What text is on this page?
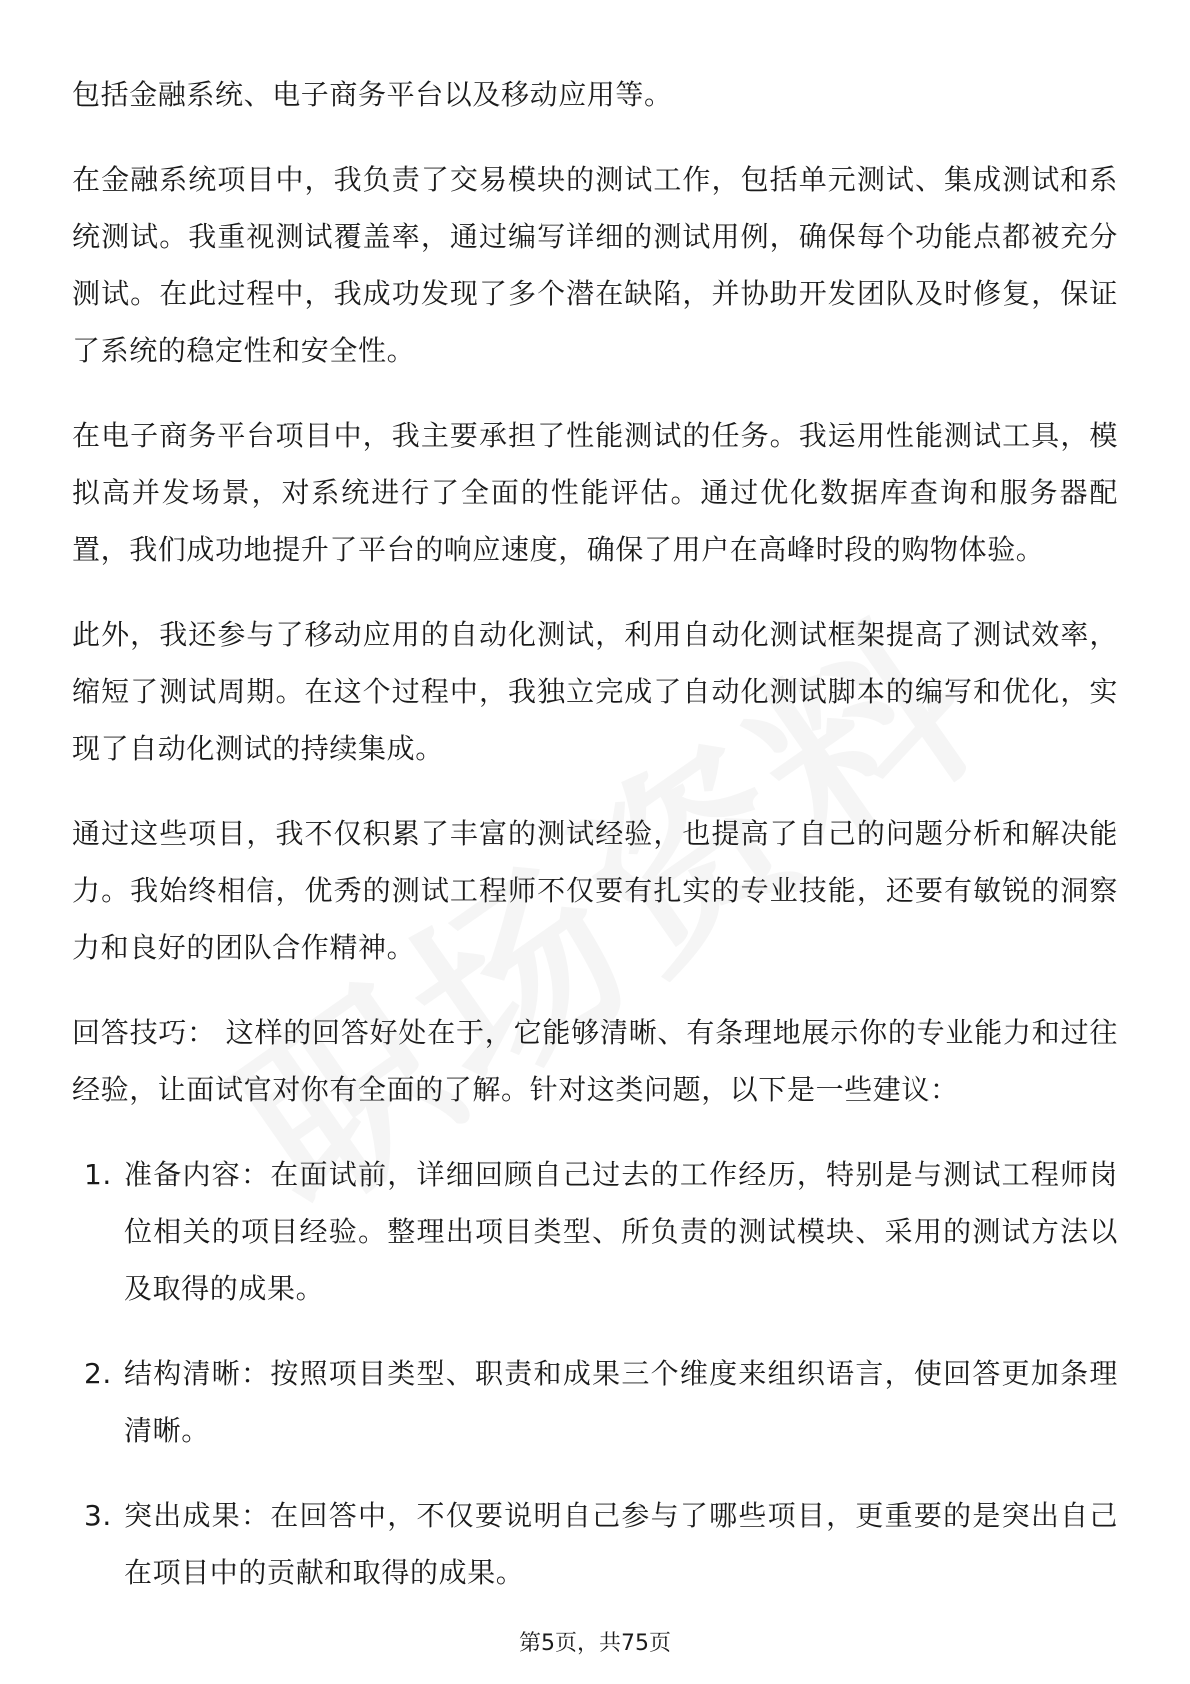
包括金融系统、电子商务平台以及移动应用等。

在金融系统项目中，我负责了交易模块的测试工作，包括单元测试、集成测试和系统测试。我重视测试覆盖率，通过编写详细的测试用例，确保每个功能点都被充分测试。在此过程中，我成功发现了多个潜在缺陷，并协助开发团队及时修复，保证了系统的稳定性和安全性。

在电子商务平台项目中，我主要承担了性能测试的任务。我运用性能测试工具，模拟高并发场景，对系统进行了全面的性能评估。通过优化数据库查询和服务器配置，我们成功地提升了平台的响应速度，确保了用户在高峰时段的购物体验。

此外，我还参与了移动应用的自动化测试，利用自动化测试框架提高了测试效率，缩短了测试周期。在这个过程中，我独立完成了自动化测试脚本的编写和优化，实现了自动化测试的持续集成。

通过这些项目，我不仅积累了丰富的测试经验，也提高了自己的问题分析和解决能力。我始终相信，优秀的测试工程师不仅要有扎实的专业技能，还要有敏锐的洞察力和良好的团队合作精神。

回答技巧： 这样的回答好处在于，它能够清晰、有条理地展示你的专业能力和过往经验，让面试官对你有全面的了解。针对这类问题，以下是一些建议：

1. 准备内容：在面试前，详细回顾自己过去的工作经历，特别是与测试工程师岗位相关的项目经验。整理出项目类型、所负责的测试模块、采用的测试方法以及取得的成果。
2. 结构清晰：按照项目类型、职责和成果三个维度来组织语言，使回答更加条理清晰。
3. 突出成果：在回答中，不仅要说明自己参与了哪些项目，更重要的是突出自己在项目中的贡献和取得的成果。
第5页，共75页
